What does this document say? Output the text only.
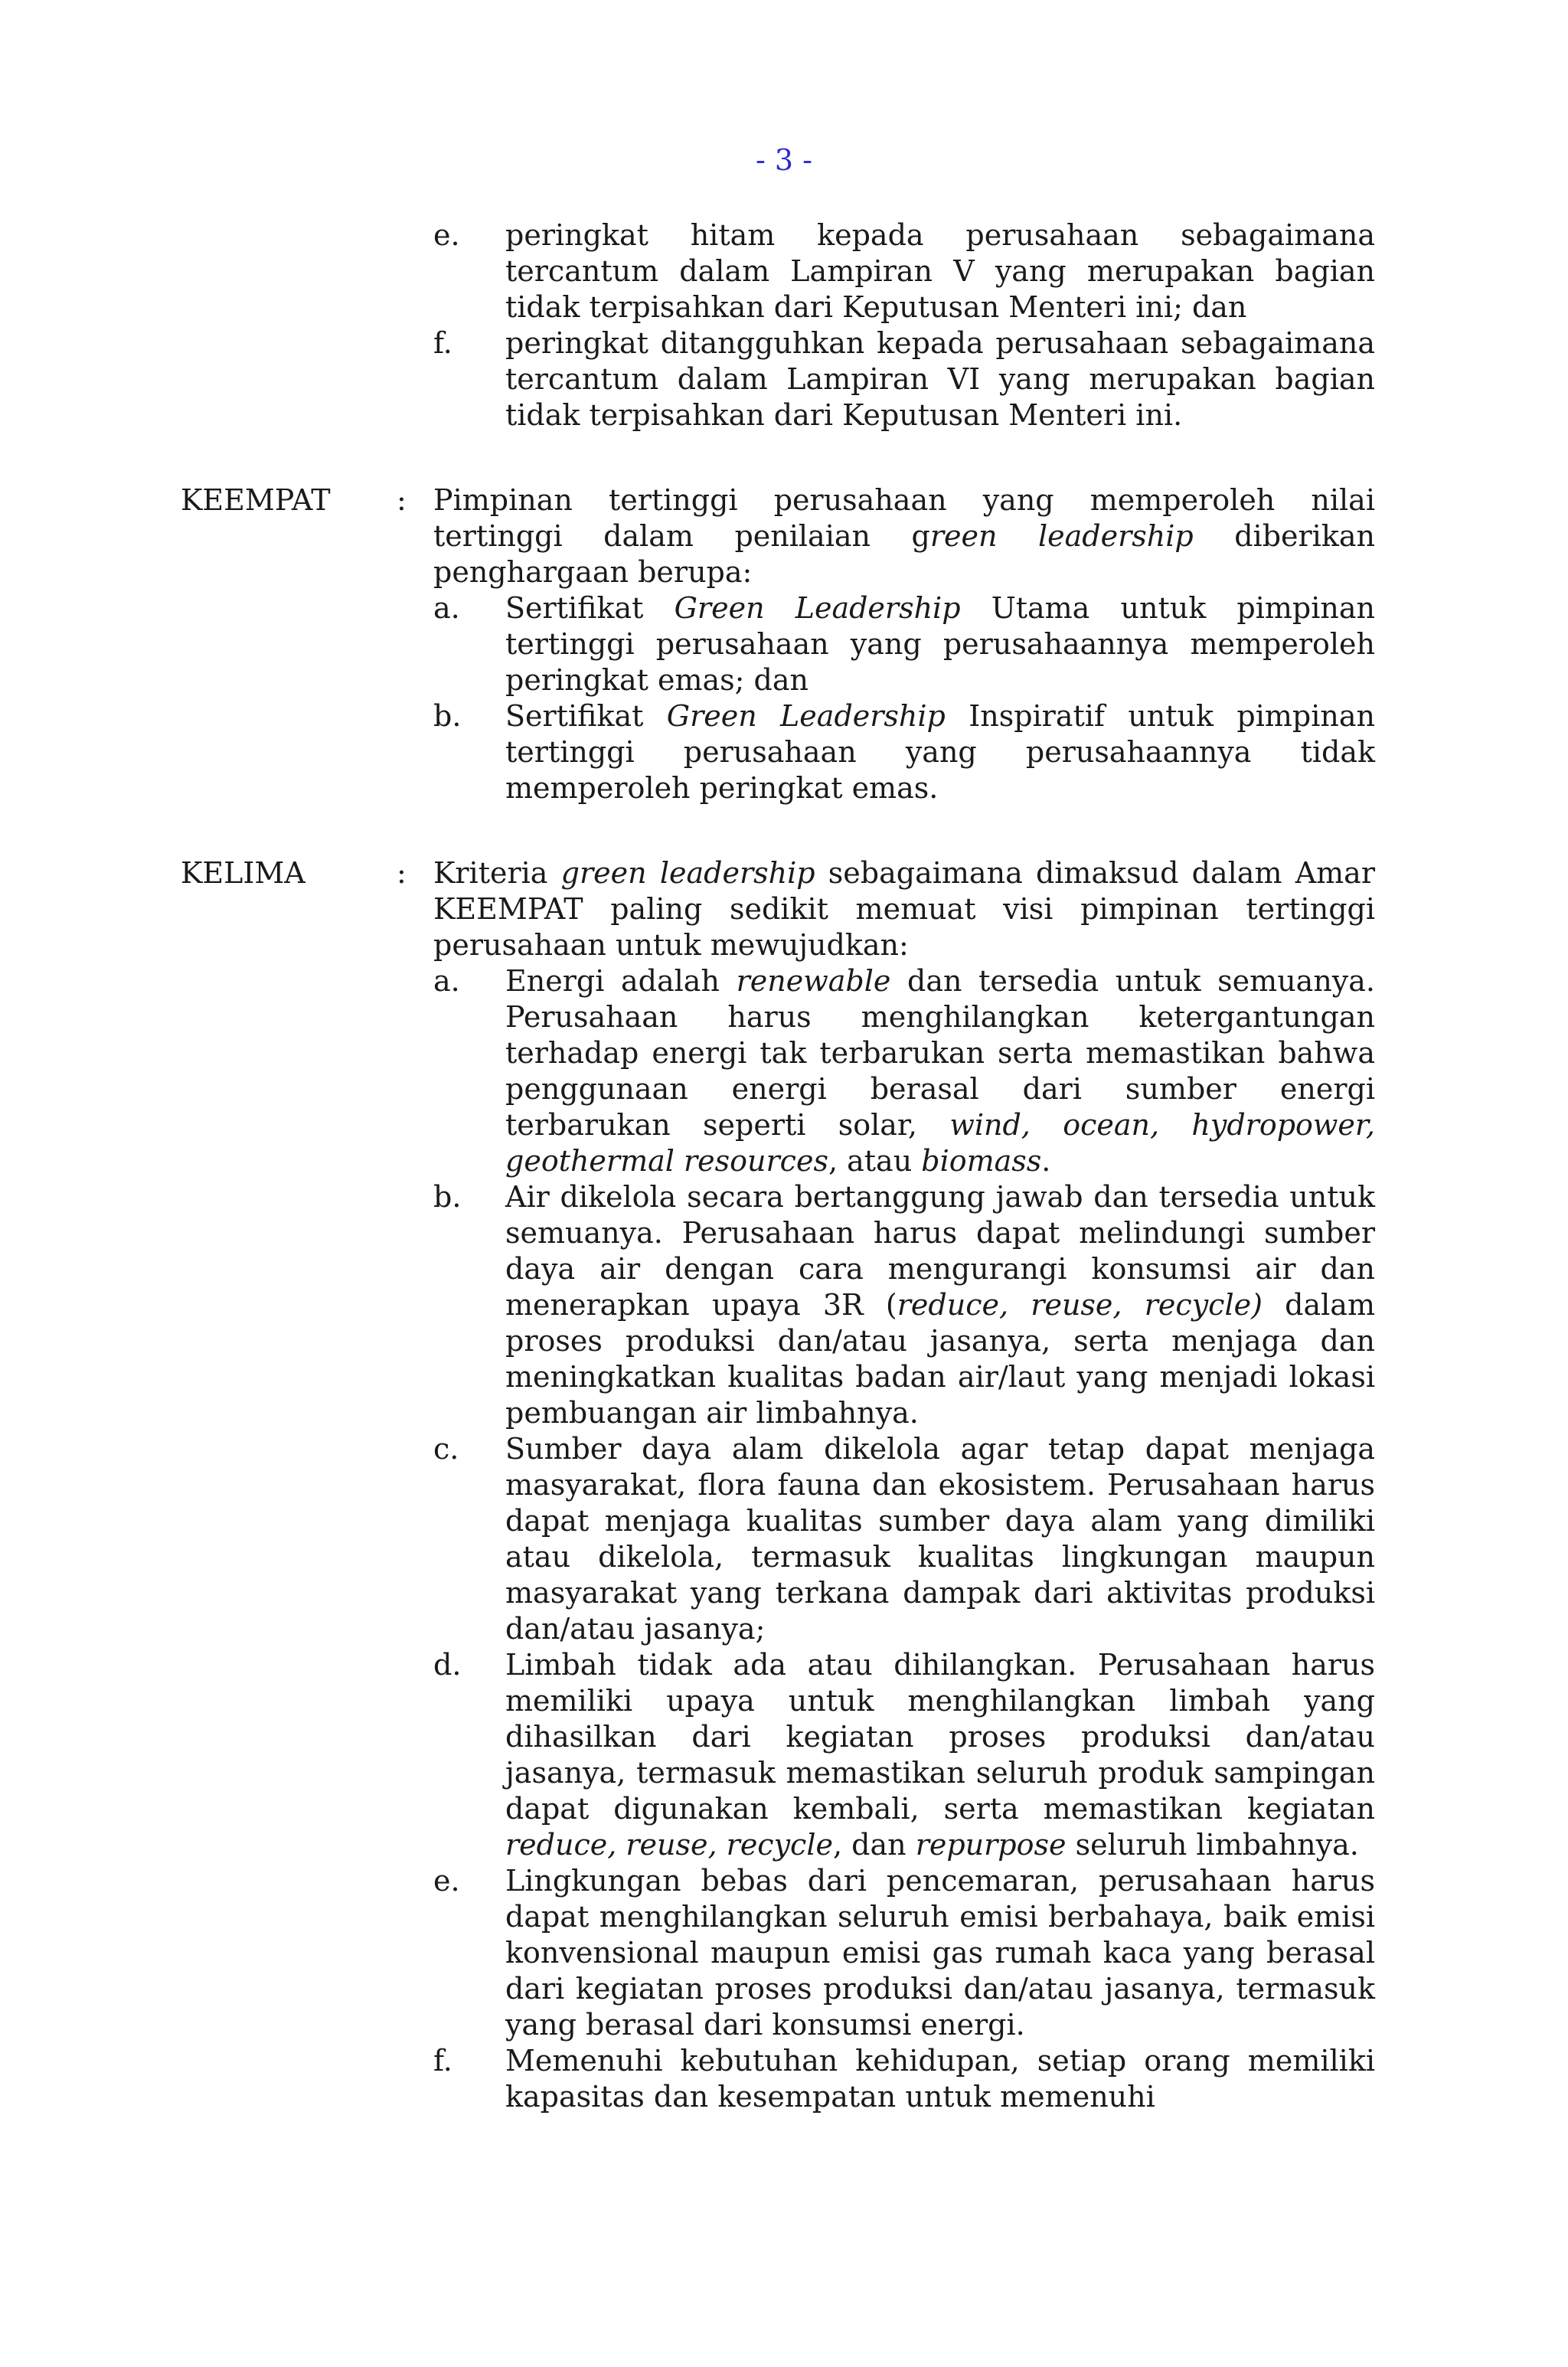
- 3 -
e. peringkat hitam kepada perusahaan sebagaimana tercantum dalam Lampiran V yang merupakan bagian tidak terpisahkan dari Keputusan Menteri ini; dan
f. peringkat ditangguhkan kepada perusahaan sebagaimana tercantum dalam Lampiran VI yang merupakan bagian tidak terpisahkan dari Keputusan Menteri ini.
KEEMPAT	: Pimpinan tertinggi perusahaan yang memperoleh nilai tertinggi dalam penilaian green leadership diberikan penghargaan berupa:

a. Sertifikat Green Leadership Utama untuk pimpinan tertinggi perusahaan yang perusahaannya memperoleh peringkat emas; dan
b. Sertifikat Green Leadership Inspiratif untuk pimpinan tertinggi perusahaan yang perusahaannya tidak memperoleh peringkat emas.
KELIMA	: Kriteria green leadership sebagaimana dimaksud dalam Amar KEEMPAT paling sedikit memuat visi pimpinan tertinggi perusahaan untuk mewujudkan:

a. Energi adalah renewable dan tersedia untuk semuanya. Perusahaan harus menghilangkan ketergantungan terhadap energi tak terbarukan serta memastikan bahwa penggunaan energi berasal dari sumber energi terbarukan seperti solar, wind, ocean, hydropower, geothermal resources, atau biomass.
b. Air dikelola secara bertanggung jawab dan tersedia untuk semuanya. Perusahaan harus dapat melindungi sumber daya air dengan cara mengurangi konsumsi air dan menerapkan upaya 3R (reduce, reuse, recycle) dalam proses produksi dan/atau jasanya, serta menjaga dan meningkatkan kualitas badan air/laut yang menjadi lokasi pembuangan air limbahnya.
c. Sumber daya alam dikelola agar tetap dapat menjaga masyarakat, flora fauna dan ekosistem. Perusahaan harus dapat menjaga kualitas sumber daya alam yang dimiliki atau dikelola, termasuk kualitas lingkungan maupun masyarakat yang terkana dampak dari aktivitas produksi dan/atau jasanya;
d. Limbah tidak ada atau dihilangkan. Perusahaan harus memiliki upaya untuk menghilangkan limbah yang dihasilkan dari kegiatan proses produksi dan/atau jasanya, termasuk memastikan seluruh produk sampingan dapat digunakan kembali, serta memastikan kegiatan reduce, reuse, recycle, dan repurpose seluruh limbahnya.
e. Lingkungan bebas dari pencemaran, perusahaan harus dapat menghilangkan seluruh emisi berbahaya, baik emisi konvensional maupun emisi gas rumah kaca yang berasal dari kegiatan proses produksi dan/atau jasanya, termasuk yang berasal dari konsumsi energi.
f. Memenuhi kebutuhan kehidupan, setiap orang memiliki kapasitas dan kesempatan untuk memenuhi
